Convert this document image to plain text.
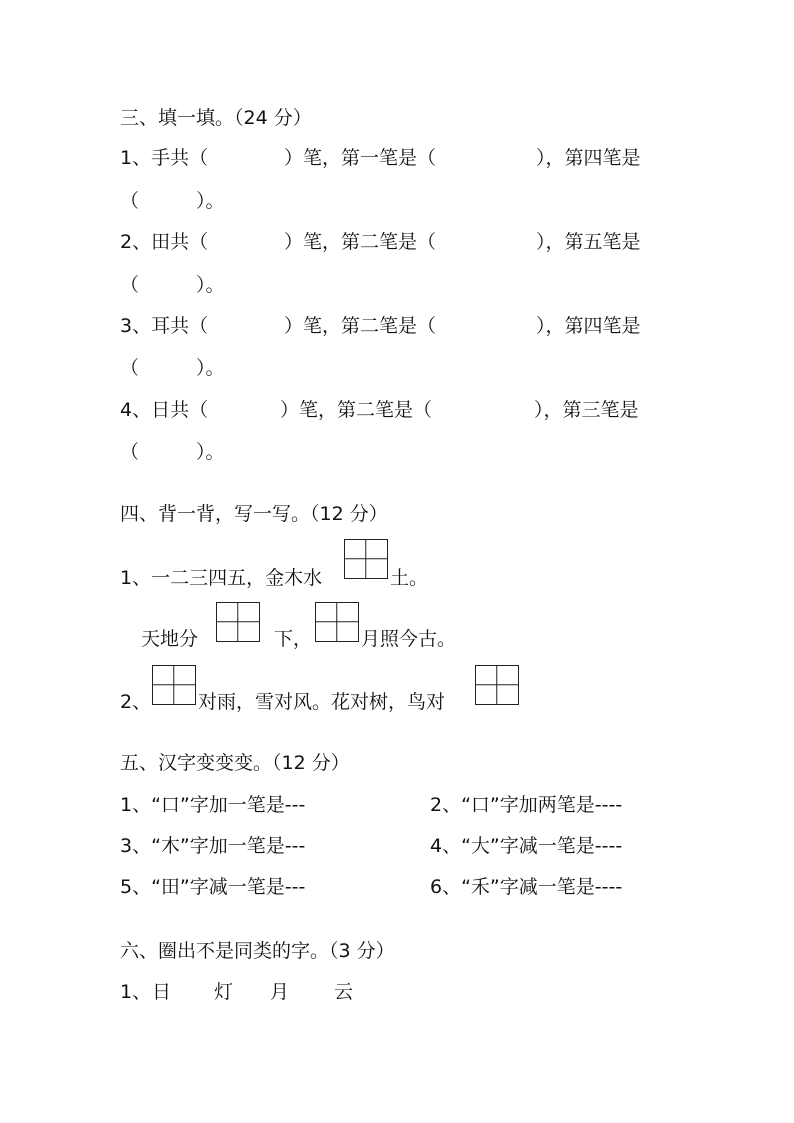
三、填一填。（24 分）
1、手共（	）笔，第一笔是（	），第四笔是
（　　　）。
2、田共（	）笔，第二笔是（	），第五笔是
（　　　）。
3、耳共（	）笔，第二笔是（	），第四笔是
（　　　）。
4、日共（	）笔，第二笔是（	），第三笔是
（　　　）。
四、背一背，写一写。（12 分）
1、一二三四五，金木水	土。
天地分	下，	月照今古。
2、 对雨，雪对风。花对树，鸟对
五、汉字变变变。（12 分）
1、“口”字加一笔是---	2、“口”字加两笔是----
3、“木”字加一笔是---	4、“大”字减一笔是----
5、“田”字减一笔是---	6、“禾”字减一笔是----
六、圈出不是同类的字。（3 分）
1、 日 灯 月 云
